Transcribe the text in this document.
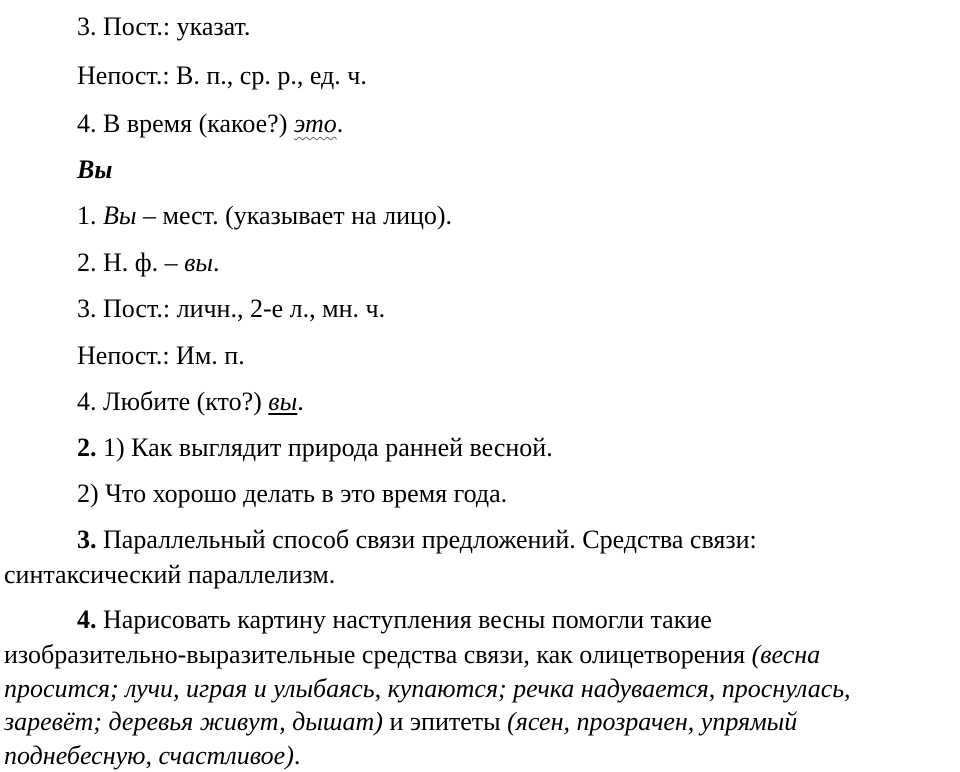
3. Пост.: указат.
Непост.: В. п., ср. р., ед. ч.
4. В время (какое?) это.
Вы
1. Вы – мест. (указывает на лицо).
2. Н. ф. – вы.
3. Пост.: личн., 2-е л., мн. ч.
Непост.: Им. п.
4. Любите (кто?) вы.
2. 1) Как выглядит природа ранней весной.
2) Что хорошо делать в это время года.
3. Параллельный способ связи предложений. Средства связи:
синтаксический параллелизм.
4. Нарисовать картину наступления весны помогли такие
изобразительно-выразительные средства связи, как олицетворения (весна
просится; лучи, играя и улыбаясь, купаются; речка надувается, проснулась,
заревёт; деревья живут, дышат) и эпитеты (ясен, прозрачен, упрямый
поднебесную, счастливое).
